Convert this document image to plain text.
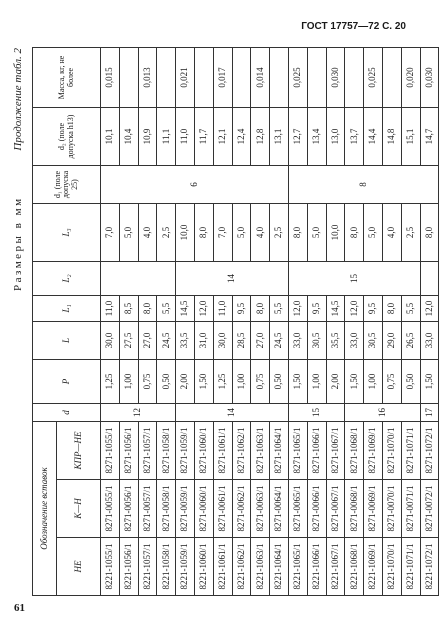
ГОСТ 17757—72 С. 20
Размеры в мм
Продолжение табл. 2
Обозначение вставок			d	P	L	L₁	L₂	L₃	d₁ (поле допуска 25)	d₂ (поле допуска h13)	Масса, кг, не более
НЕ	К—Н	КПР—НЕ									
8221-1055/1	8271-0055/1	8271-1055/1	12	1,25	30,0	11,0		7,0	6	10,1	0,015
8221-1056/1	8271-0056/1	8271-1056/1		1,00	27,5	8,5		5,0		10,4	
8221-1057/1	8271-0057/1	8271-1057/1		0,75	27,0	8,0		4,0		10,9	0,013
8221-1058/1	8271-0058/1	8271-1058/1		0,50	24,5	5,5		2,5		11,1	
8221-1059/1	8271-0059/1	8271-1059/1	14	2,00	33,5	14,5	14	10,0		11,0	0,021
8221-1060/1	8271-0060/1	8271-1060/1		1,50	31,0	12,0		8,0		11,7	
8221-1061/1	8271-0061/1	8271-1061/1		1,25	30,0	11,0		7,0		12,1	0,017
8221-1062/1	8271-0062/1	8271-1062/1		1,00	28,5	9,5		5,0		12,4	
8221-1063/1	8271-0063/1	8271-1063/1		0,75	27,0	8,0		4,0		12,8	0,014
8221-1064/1	8271-0064/1	8271-1064/1		0,50	24,5	5,5		2,5		13,1	
8221-1065/1	8271-0065/1	8271-1065/1	15	1,50	33,0	12,0	15	8,0	8	12,7	0,025
8221-1066/1	8271-0066/1	8271-1066/1		1,00	30,5	9,5		5,0		13,4	
8221-1067/1	8271-0067/1	8271-1067/1		2,00	35,5	14,5		10,0		13,0	0,030
8221-1068/1	8271-0068/1	8271-1068/1	16	1,50	33,0	12,0		8,0		13,7	
8221-1069/1	8271-0069/1	8271-1069/1		1,00	30,5	9,5		5,0		14,4	0,025
8221-1070/1	8271-0070/1	8271-1070/1		0,75	29,0	8,0		4,0		14,8	
8221-1071/1	8271-0071/1	8271-1071/1		0,50	26,5	5,5		2,5		15,1	0,020
8221-1072/1	8271-0072/1	8271-1072/1	17	1,50	33,0	12,0		8,0		14,7	0,030
61
